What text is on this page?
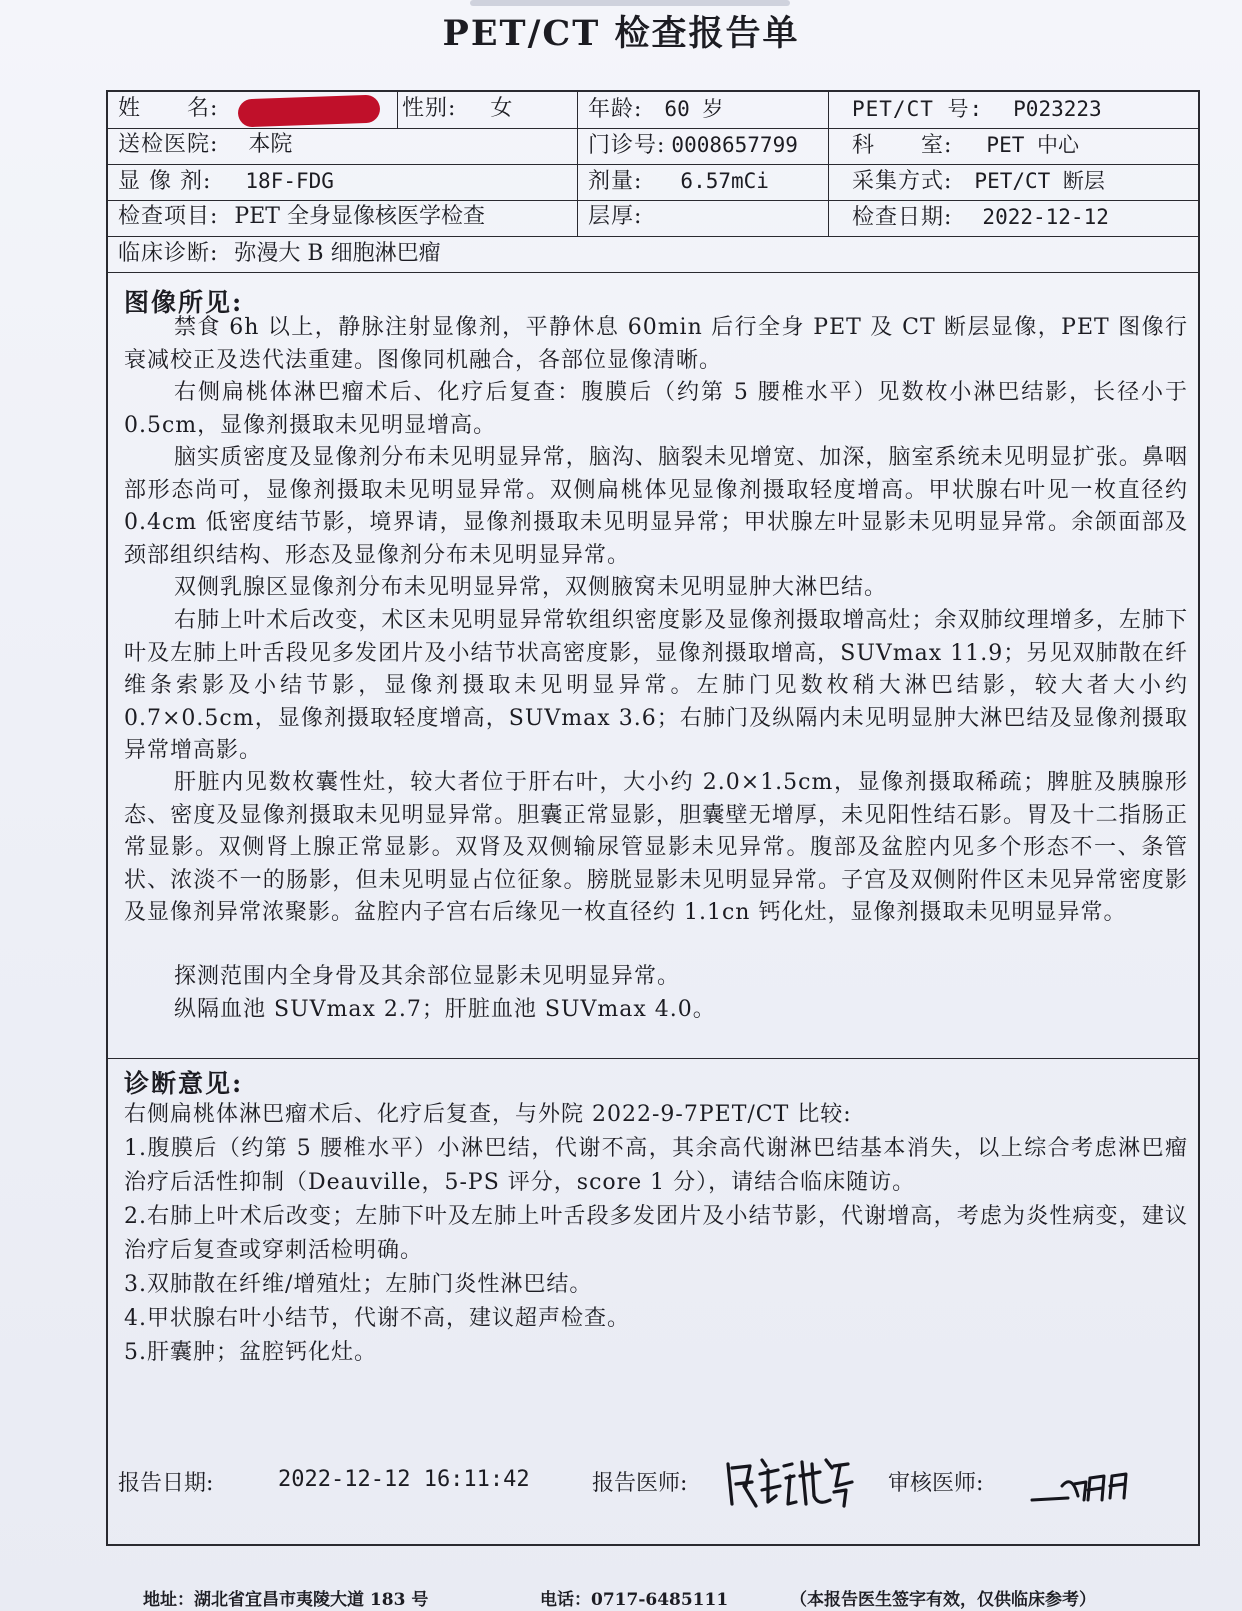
PET/CT 检查报告单
姓　　名:	性别: 女	年龄: 60 岁	PET/CT 号: P023223
送检医院: 本院	门诊号: 0008657799 科　　室: PET 中心
显 像 剂: 18F-FDG	剂量: 6.57mCi	采集方式: PET/CT 断层
检查项目: PET 全身显像核医学检查	层厚:	检查日期: 2022-12-12
临床诊断: 弥漫大 B 细胞淋巴瘤
图像所见:
禁食 6h 以上，静脉注射显像剂，平静休息 60min 后行全身 PET 及 CT 断层显像，PET 图像行衰减校正及迭代法重建。图像同机融合，各部位显像清晰。
右侧扁桃体淋巴瘤术后、化疗后复查：腹膜后（约第 5 腰椎水平）见数枚小淋巴结影，长径小于 0.5cm，显像剂摄取未见明显增高。
脑实质密度及显像剂分布未见明显异常，脑沟、脑裂未见增宽、加深，脑室系统未见明显扩张。鼻咽部形态尚可，显像剂摄取未见明显异常。双侧扁桃体见显像剂摄取轻度增高。甲状腺右叶见一枚直径约 0.4cm 低密度结节影，境界请，显像剂摄取未见明显异常；甲状腺左叶显影未见明显异常。余颌面部及颈部组织结构、形态及显像剂分布未见明显异常。
双侧乳腺区显像剂分布未见明显异常，双侧腋窝未见明显肿大淋巴结。
右肺上叶术后改变，术区未见明显异常软组织密度影及显像剂摄取增高灶；余双肺纹理增多，左肺下叶及左肺上叶舌段见多发团片及小结节状高密度影，显像剂摄取增高，SUVmax 11.9；另见双肺散在纤维条索影及小结节影，显像剂摄取未见明显异常。左肺门见数枚稍大淋巴结影，较大者大小约 0.7×0.5cm，显像剂摄取轻度增高，SUVmax 3.6；右肺门及纵隔内未见明显肿大淋巴结及显像剂摄取异常增高影。
肝脏内见数枚囊性灶，较大者位于肝右叶，大小约 2.0×1.5cm，显像剂摄取稀疏；脾脏及胰腺形态、密度及显像剂摄取未见明显异常。胆囊正常显影，胆囊壁无增厚，未见阳性结石影。胃及十二指肠正常显影。双侧肾上腺正常显影。双肾及双侧输尿管显影未见异常。腹部及盆腔内见多个形态不一、条管状、浓淡不一的肠影，但未见明显占位征象。膀胱显影未见明显异常。子宫及双侧附件区未见异常密度影及显像剂异常浓聚影。盆腔内子宫右后缘见一枚直径约 1.1cn 钙化灶，显像剂摄取未见明显异常。
探测范围内全身骨及其余部位显影未见明显异常。
纵隔血池 SUVmax 2.7；肝脏血池 SUVmax 4.0。
诊断意见:
右侧扁桃体淋巴瘤术后、化疗后复查，与外院 2022-9-7PET/CT 比较:
1.腹膜后（约第 5 腰椎水平）小淋巴结，代谢不高，其余高代谢淋巴结基本消失，以上综合考虑淋巴瘤治疗后活性抑制（Deauville，5-PS 评分，score 1 分），请结合临床随访。
2.右肺上叶术后改变；左肺下叶及左肺上叶舌段多发团片及小结节影，代谢增高，考虑为炎性病变，建议治疗后复查或穿刺活检明确。
3.双肺散在纤维/增殖灶；左肺门炎性淋巴结。
4.甲状腺右叶小结节，代谢不高，建议超声检查。
5.肝囊肿；盆腔钙化灶。
报告日期:	2022-12-12 16:11:42	报告医师:	审核医师:
地址：湖北省宜昌市夷陵大道 183 号	电话：0717-6485111	（本报告医生签字有效，仅供临床参考）
